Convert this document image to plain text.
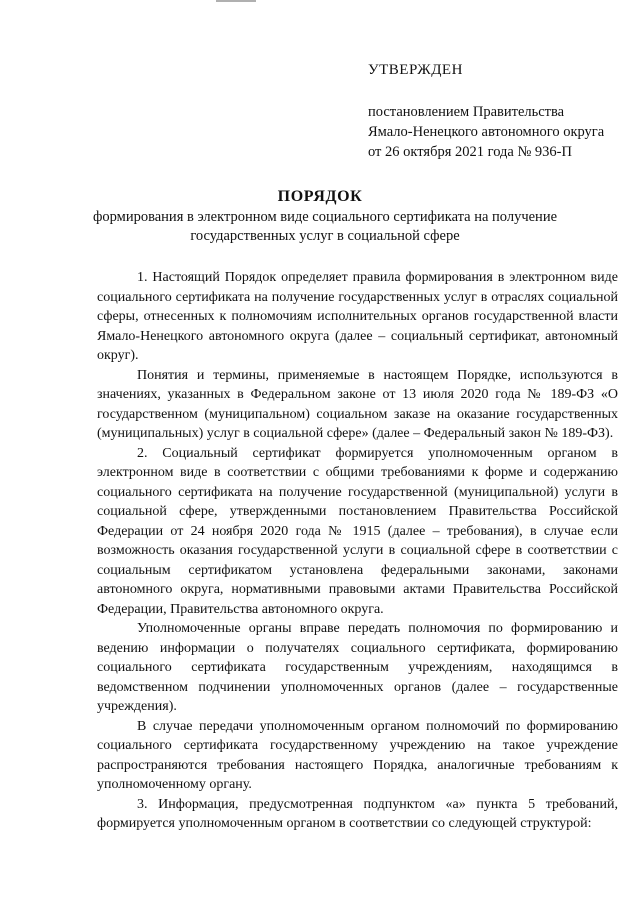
УТВЕРЖДЕН
постановлением Правительства
Ямало-Ненецкого автономного округа
от 26 октября 2021 года № 936-П
ПОРЯДОК
формирования в электронном виде социального сертификата на получение государственных услуг в социальной сфере

1. Настоящий Порядок определяет правила формирования в электронном виде социального сертификата на получение государственных услуг в отраслях социальной сферы, отнесенных к полномочиям исполнительных органов государственной власти Ямало-Ненецкого автономного округа (далее – социальный сертификат, автономный округ).

Понятия и термины, применяемые в настоящем Порядке, используются в значениях, указанных в Федеральном законе от 13 июля 2020 года № 189-ФЗ «О государственном (муниципальном) социальном заказе на оказание государственных (муниципальных) услуг в социальной сфере» (далее – Федеральный закон № 189-ФЗ).

2. Социальный сертификат формируется уполномоченным органом в электронном виде в соответствии с общими требованиями к форме и содержанию социального сертификата на получение государственной (муниципальной) услуги в социальной сфере, утвержденными постановлением Правительства Российской Федерации от 24 ноября 2020 года № 1915 (далее – требования), в случае если возможность оказания государственной услуги в социальной сфере в соответствии с социальным сертификатом установлена федеральными законами, законами автономного округа, нормативными правовыми актами Правительства Российской Федерации, Правительства автономного округа.

Уполномоченные органы вправе передать полномочия по формированию и ведению информации о получателях социального сертификата, формированию социального сертификата государственным учреждениям, находящимся в ведомственном подчинении уполномоченных органов (далее – государственные учреждения).

В случае передачи уполномоченным органом полномочий по формированию социального сертификата государственному учреждению на такое учреждение распространяются требования настоящего Порядка, аналогичные требованиям к уполномоченному органу.

3. Информация, предусмотренная подпунктом «а» пункта 5 требований, формируется уполномоченным органом в соответствии со следующей структурой:
